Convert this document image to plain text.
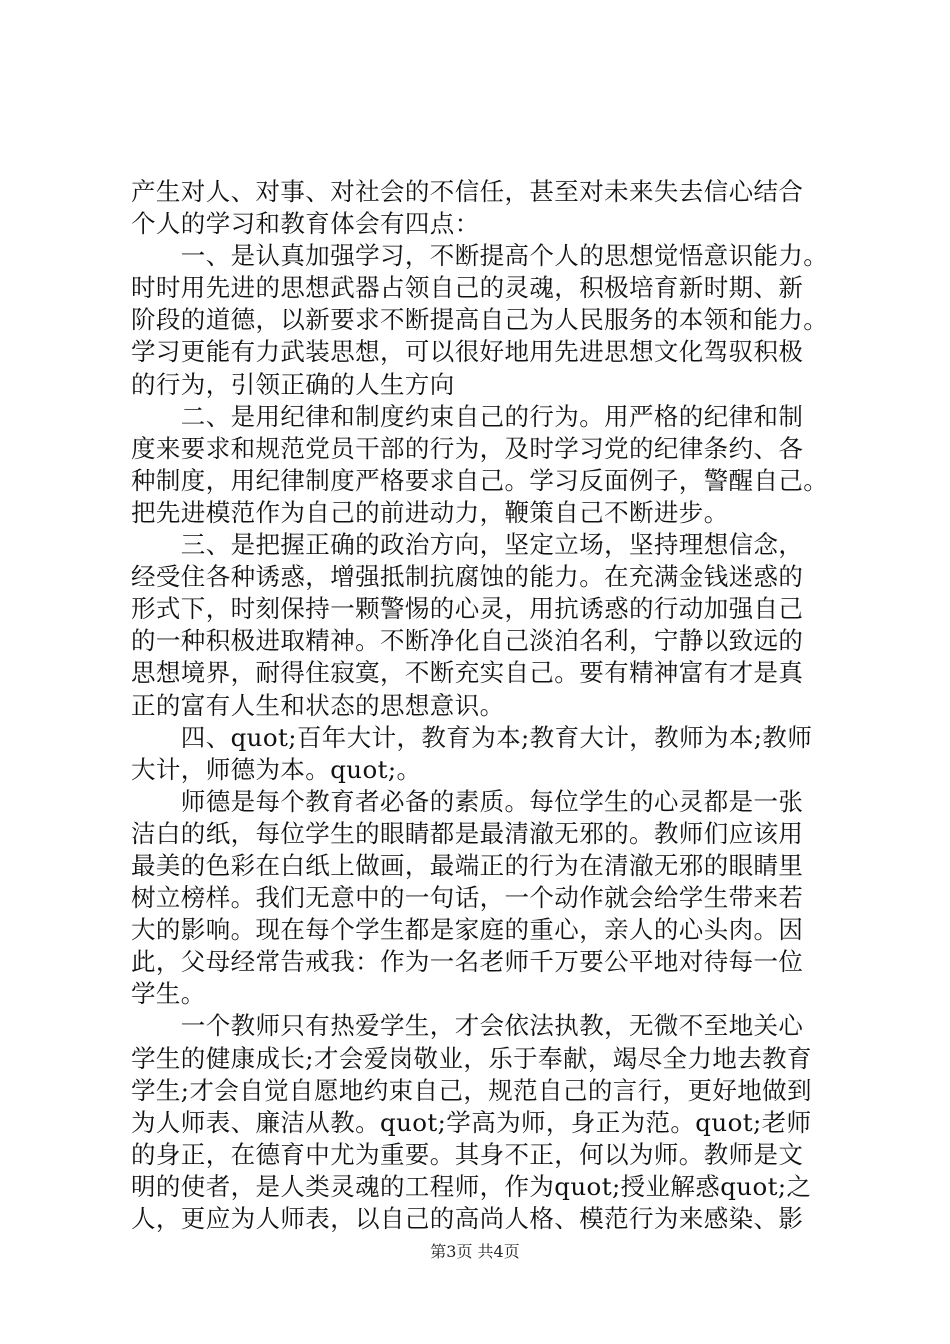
产生对人、对事、对社会的不信任，甚至对未来失去信心结合
个人的学习和教育体会有四点：
　　一、是认真加强学习，不断提高个人的思想觉悟意识能力。
时时用先进的思想武器占领自己的灵魂，积极培育新时期、新
阶段的道德，以新要求不断提高自己为人民服务的本领和能力。
学习更能有力武装思想，可以很好地用先进思想文化驾驭积极
的行为，引领正确的人生方向
　　二、是用纪律和制度约束自己的行为。用严格的纪律和制
度来要求和规范党员干部的行为，及时学习党的纪律条约、各
种制度，用纪律制度严格要求自己。学习反面例子，警醒自己。
把先进模范作为自己的前进动力，鞭策自己不断进步。
　　三、是把握正确的政治方向，坚定立场，坚持理想信念，
经受住各种诱惑，增强抵制抗腐蚀的能力。在充满金钱迷惑的
形式下，时刻保持一颗警惕的心灵，用抗诱惑的行动加强自己
的一种积极进取精神。不断净化自己淡泊名利，宁静以致远的
思想境界，耐得住寂寞，不断充实自己。要有精神富有才是真
正的富有人生和状态的思想意识。
　　四、quot;百年大计，教育为本;教育大计，教师为本;教师
大计，师德为本。quot;。
　　师德是每个教育者必备的素质。每位学生的心灵都是一张
洁白的纸，每位学生的眼睛都是最清澈无邪的。教师们应该用
最美的色彩在白纸上做画，最端正的行为在清澈无邪的眼睛里
树立榜样。我们无意中的一句话，一个动作就会给学生带来若
大的影响。现在每个学生都是家庭的重心，亲人的心头肉。因
此，父母经常告戒我：作为一名老师千万要公平地对待每一位
学生。
　　一个教师只有热爱学生，才会依法执教，无微不至地关心
学生的健康成长;才会爱岗敬业，乐于奉献，竭尽全力地去教育
学生;才会自觉自愿地约束自己，规范自己的言行，更好地做到
为人师表、廉洁从教。quot;学高为师，身正为范。quot;老师
的身正，在德育中尤为重要。其身不正，何以为师。教师是文
明的使者，是人类灵魂的工程师，作为quot;授业解惑quot;之
人，更应为人师表，以自己的高尚人格、模范行为来感染、影
第3页 共4页
